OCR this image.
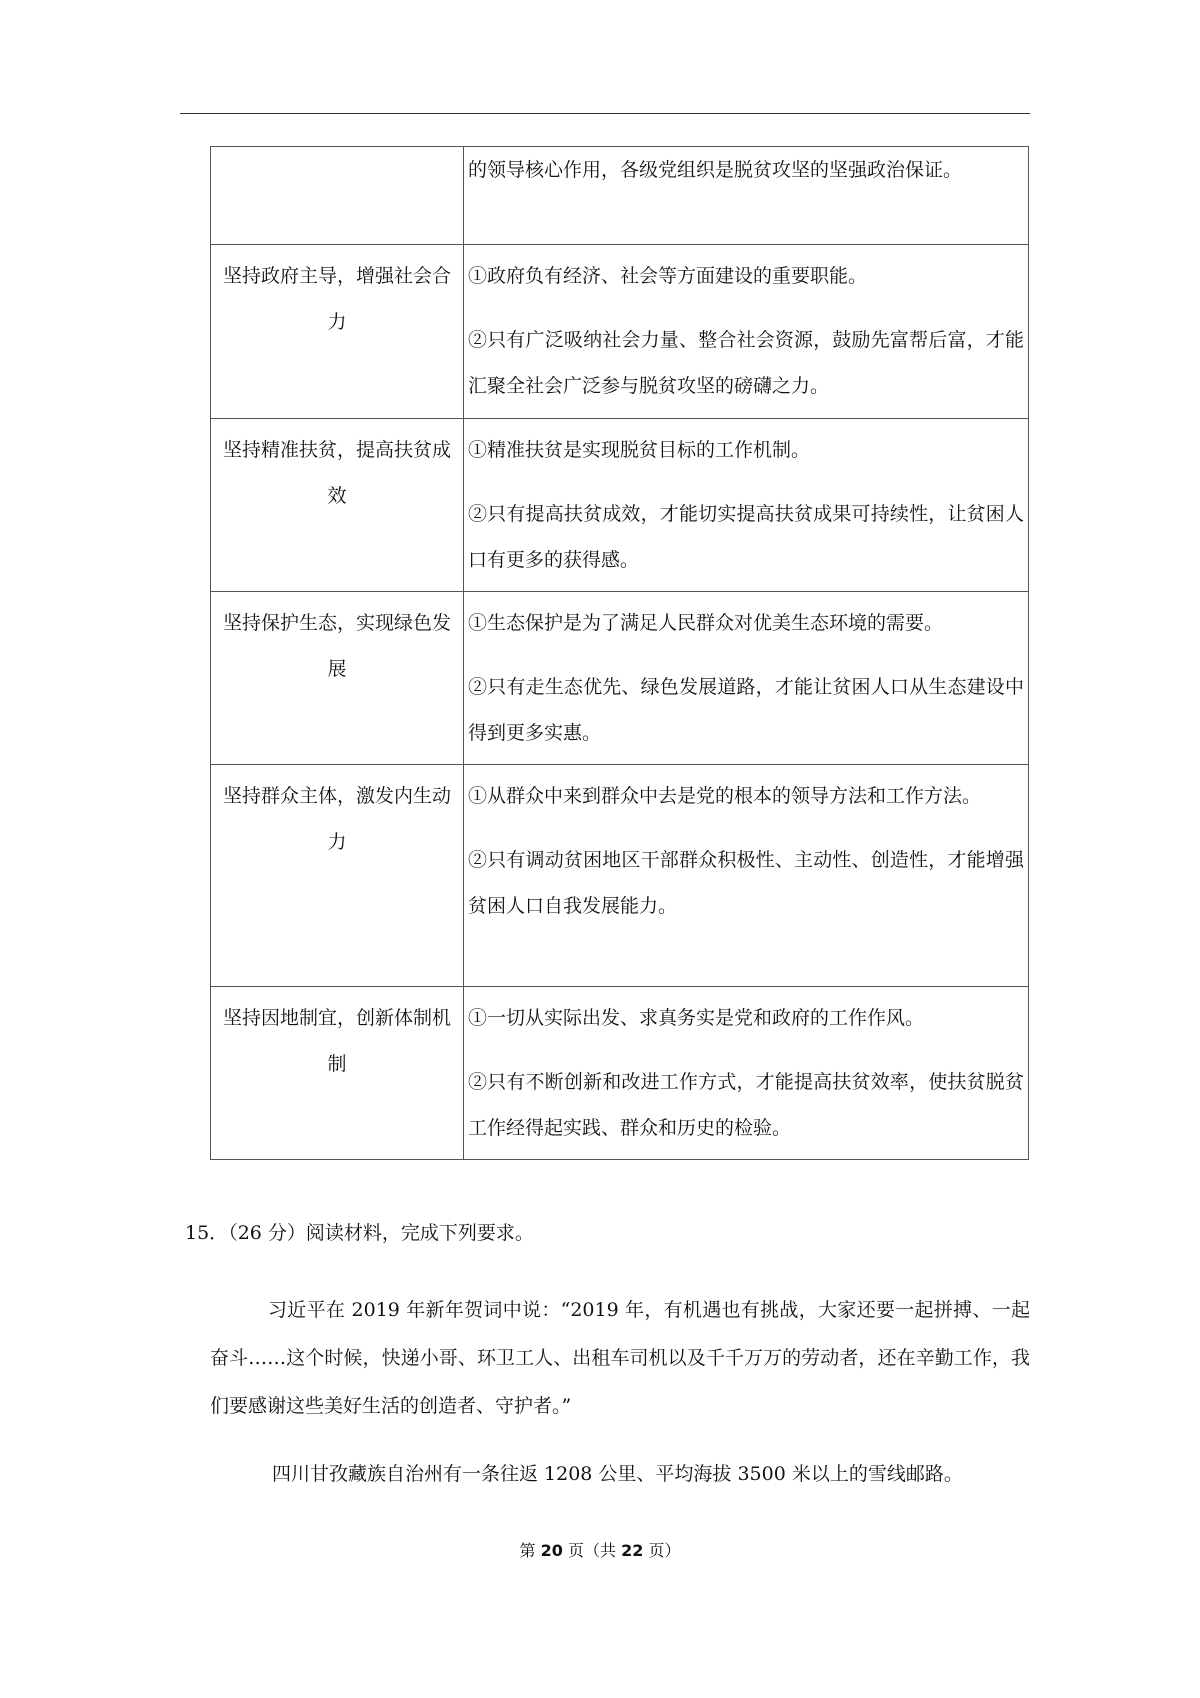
	的领导核心作用，各级党组织是脱贫攻坚的坚强政治保证。

坚持政府主导，增强社会合力	①政府负有经济、社会等方面建设的重要职能。

②只有广泛吸纳社会力量、整合社会资源，鼓励先富帮后富，才能汇聚全社会广泛参与脱贫攻坚的磅礴之力。

坚持精准扶贫，提高扶贫成效	①精准扶贫是实现脱贫目标的工作机制。

②只有提高扶贫成效，才能切实提高扶贫成果可持续性，让贫困人口有更多的获得感。

坚持保护生态，实现绿色发展	①生态保护是为了满足人民群众对优美生态环境的需要。

②只有走生态优先、绿色发展道路，才能让贫困人口从生态建设中得到更多实惠。

坚持群众主体，激发内生动力	①从群众中来到群众中去是党的根本的领导方法和工作方法。

②只有调动贫困地区干部群众积极性、主动性、创造性，才能增强贫困人口自我发展能力。

坚持因地制宜，创新体制机制	①一切从实际出发、求真务实是党和政府的工作作风。

②只有不断创新和改进工作方式，才能提高扶贫效率，使扶贫脱贫工作经得起实践、群众和历史的检验。

15．（26 分）阅读材料，完成下列要求。
习近平在 2019 年新年贺词中说：“2019 年，有机遇也有挑战，大家还要一起拼搏、一起奋斗……这个时候，快递小哥、环卫工人、出租车司机以及千千万万的劳动者，还在辛勤工作，我们要感谢这些美好生活的创造者、守护者。”
四川甘孜藏族自治州有一条往返 1208 公里、平均海拔 3500 米以上的雪线邮路。
第 20 页（共 22 页）
